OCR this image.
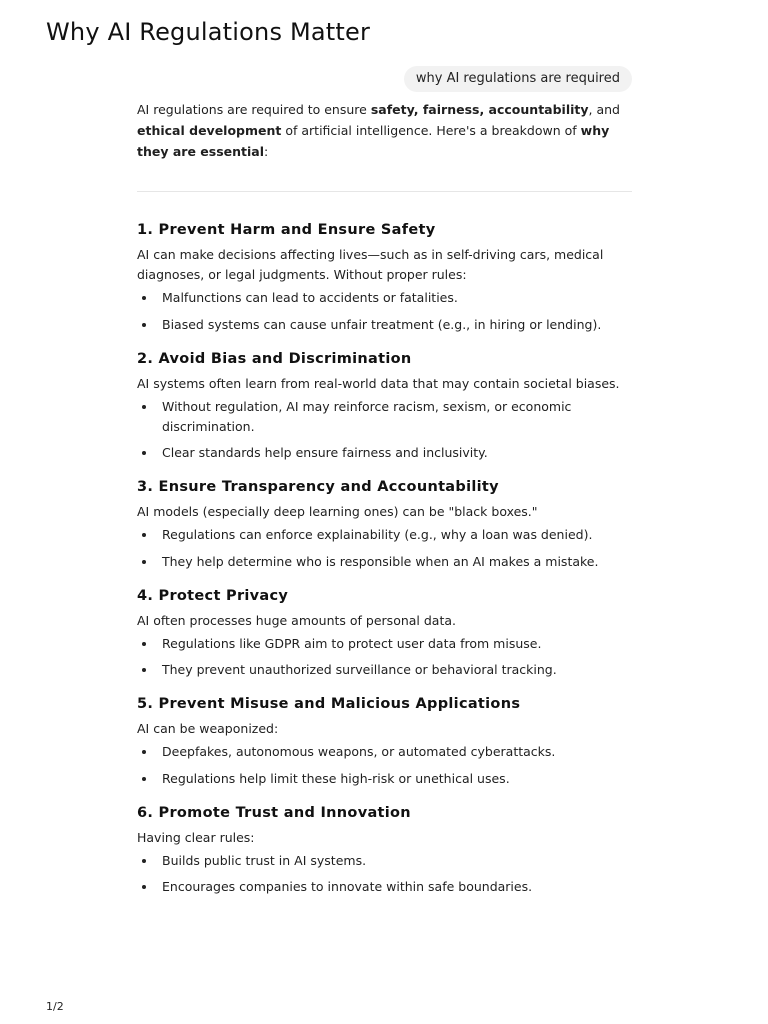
Why AI Regulations Matter
why AI regulations are required

AI regulations are required to ensure safety, fairness, accountability, and ethical development of artificial intelligence. Here's a breakdown of why they are essential:

1. Prevent Harm and Ensure Safety

AI can make decisions affecting lives—such as in self-driving cars, medical diagnoses, or legal judgments. Without proper rules:

Malfunctions can lead to accidents or fatalities.
Biased systems can cause unfair treatment (e.g., in hiring or lending).
2. Avoid Bias and Discrimination

AI systems often learn from real-world data that may contain societal biases.

Without regulation, AI may reinforce racism, sexism, or economic discrimination.
Clear standards help ensure fairness and inclusivity.
3. Ensure Transparency and Accountability

AI models (especially deep learning ones) can be "black boxes."

Regulations can enforce explainability (e.g., why a loan was denied).
They help determine who is responsible when an AI makes a mistake.
4. Protect Privacy

AI often processes huge amounts of personal data.

Regulations like GDPR aim to protect user data from misuse.
They prevent unauthorized surveillance or behavioral tracking.
5. Prevent Misuse and Malicious Applications

AI can be weaponized:

Deepfakes, autonomous weapons, or automated cyberattacks.
Regulations help limit these high-risk or unethical uses.
6. Promote Trust and Innovation

Having clear rules:

Builds public trust in AI systems.
Encourages companies to innovate within safe boundaries.
1/2
